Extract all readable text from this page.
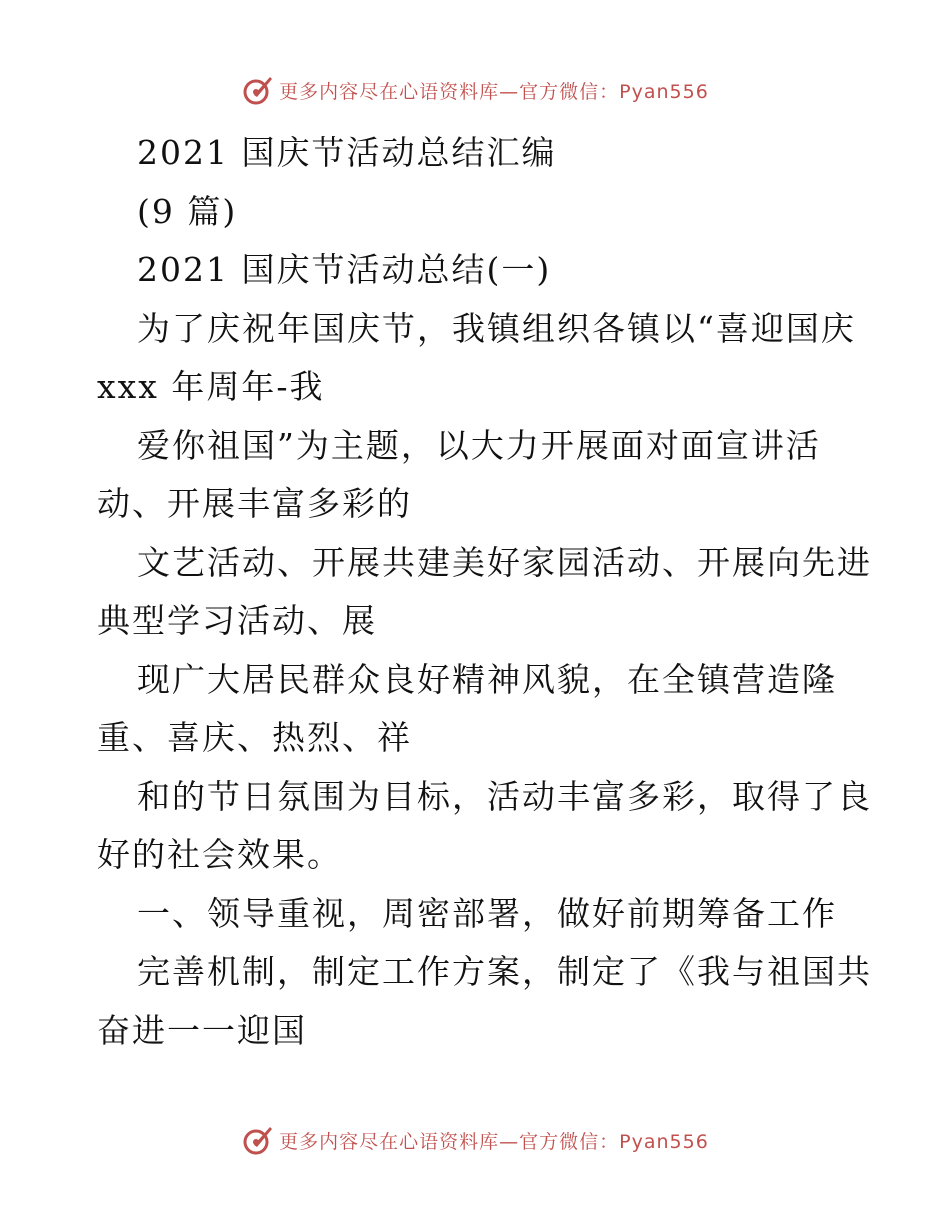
更多内容尽在心语资料库—官方微信：Pyan556
2021 国庆节活动总结汇编
(9 篇)
2021 国庆节活动总结(一)
为了庆祝年国庆节，我镇组织各镇以“喜迎国庆
xxx 年周年-我
爱你祖国”为主题，以大力开展面对面宣讲活
动、开展丰富多彩的
文艺活动、开展共建美好家园活动、开展向先进
典型学习活动、展
现广大居民群众良好精神风貌，在全镇营造隆
重、喜庆、热烈、祥
和的节日氛围为目标，活动丰富多彩，取得了良
好的社会效果。
一、领导重视，周密部署，做好前期筹备工作
完善机制，制定工作方案，制定了《我与祖国共
奋进一一迎国
更多内容尽在心语资料库—官方微信：Pyan556
